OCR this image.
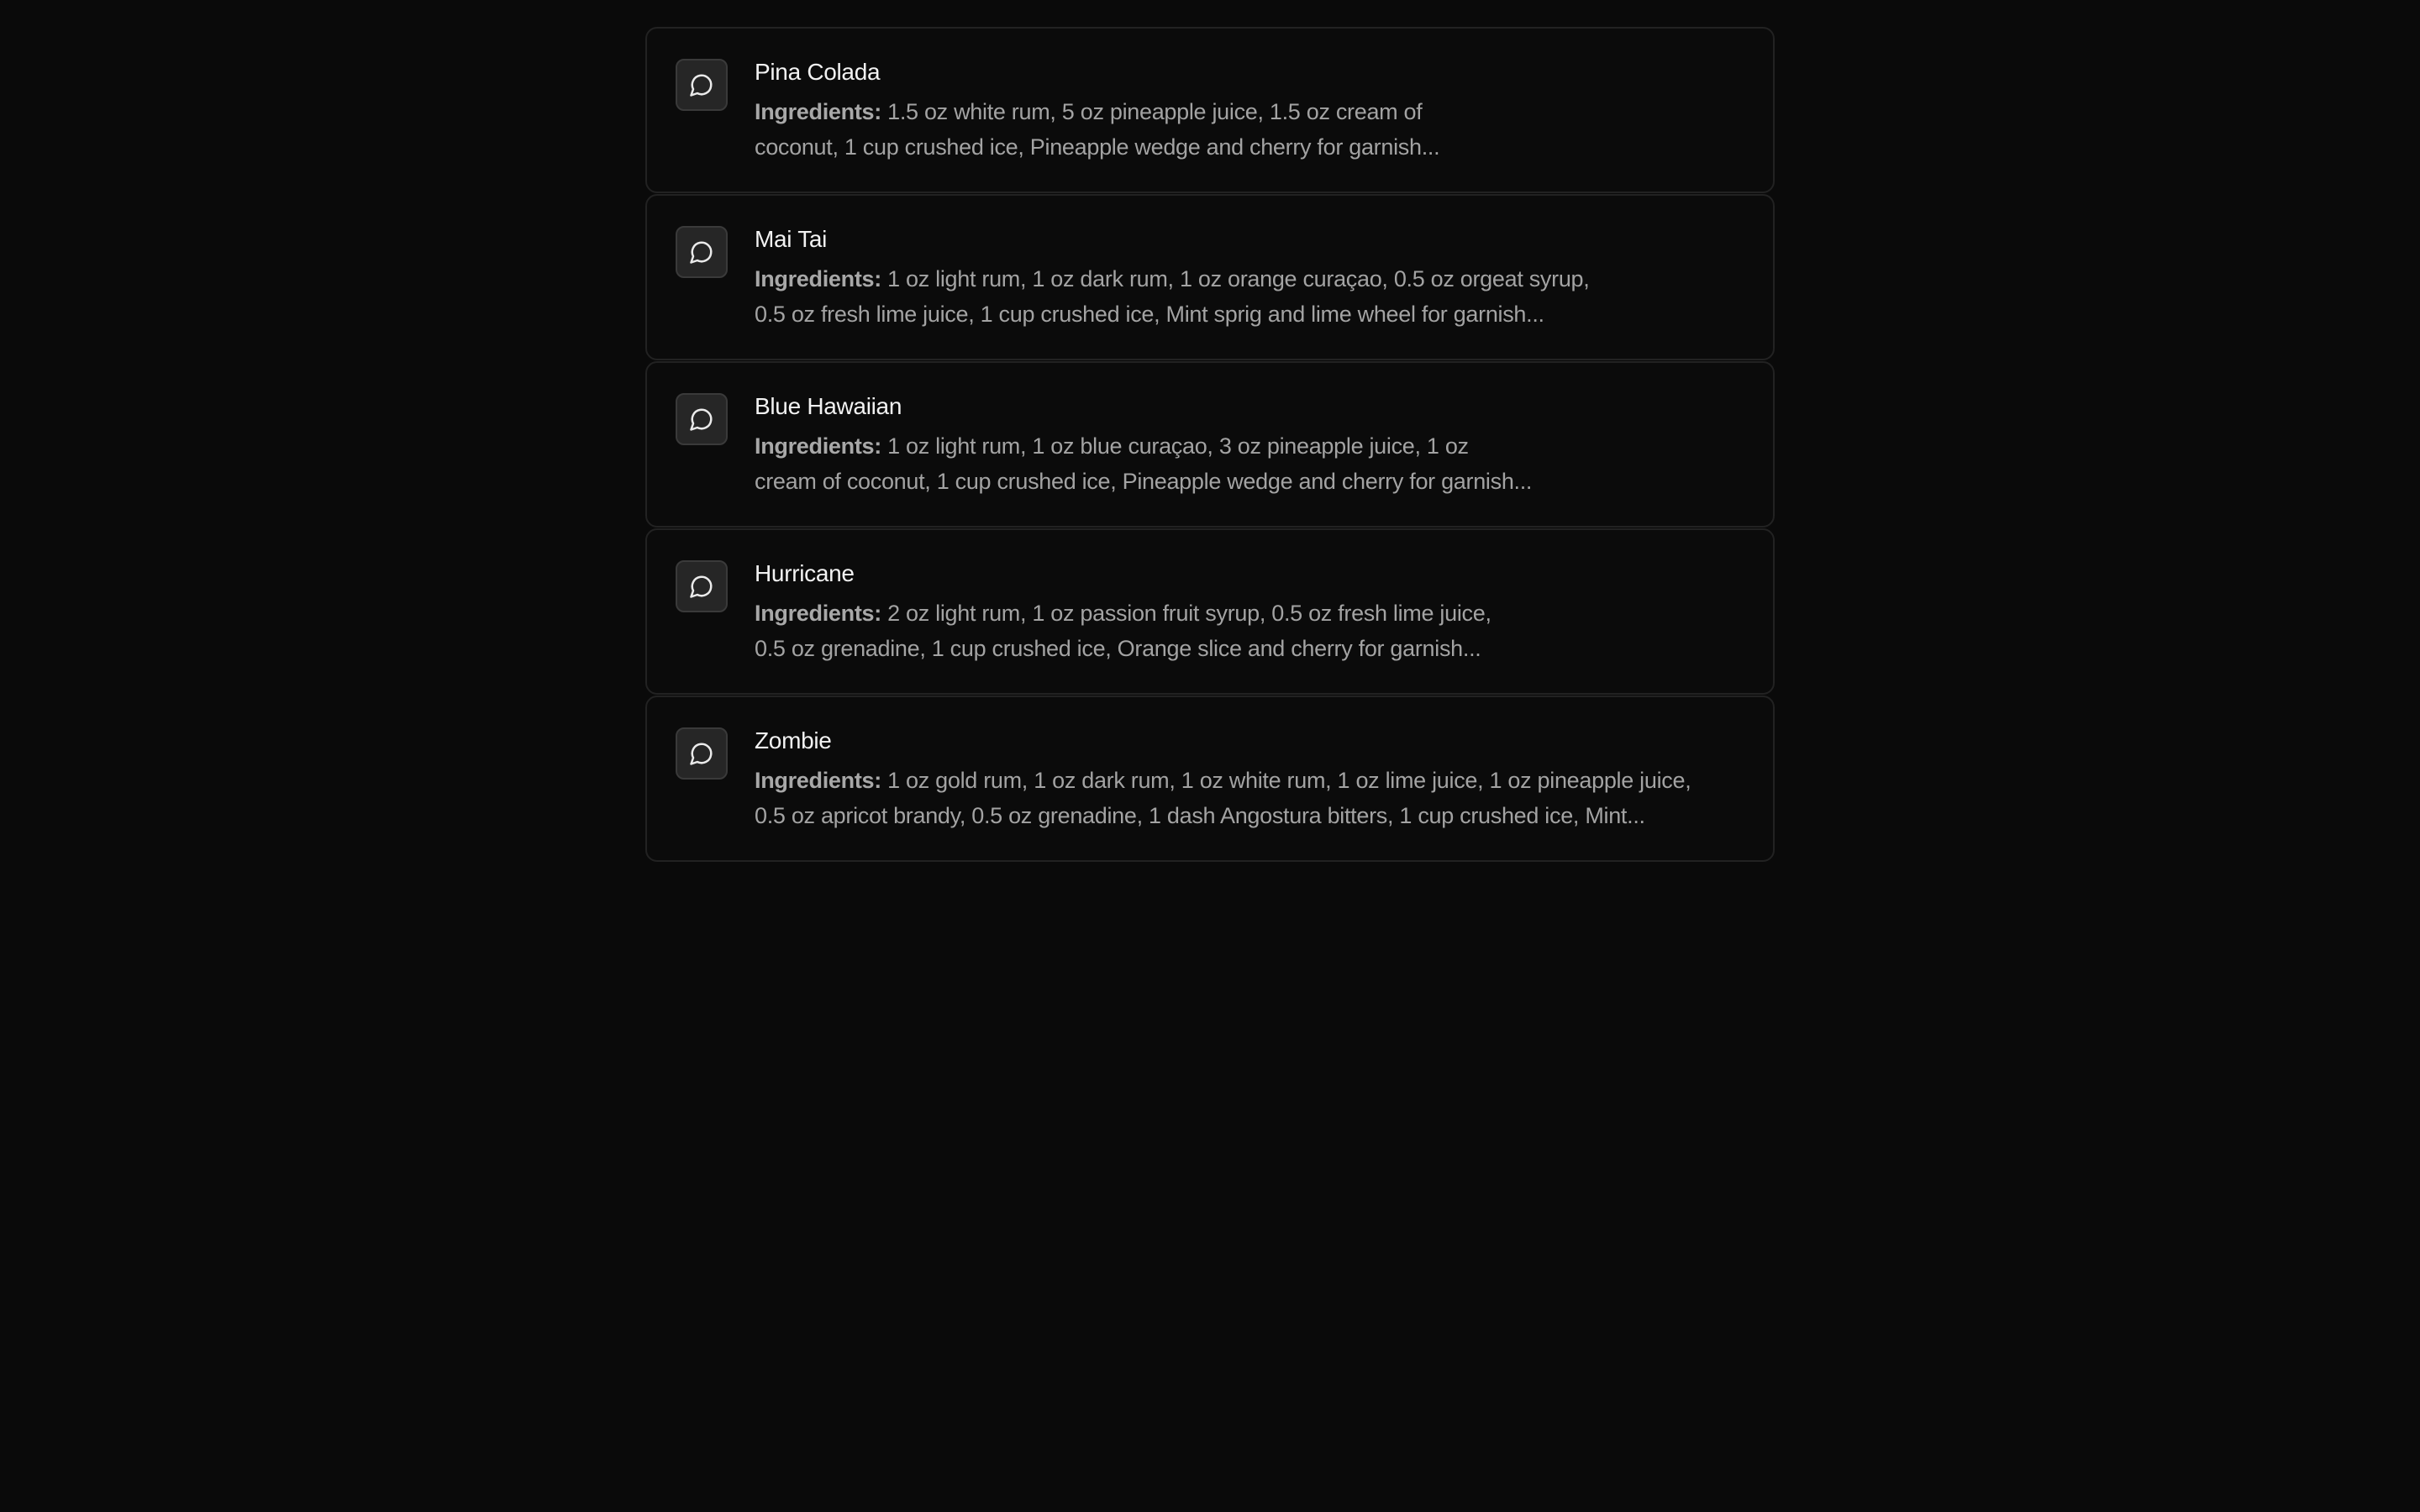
Pina Colada
Ingredients: 1.5 oz white rum, 5 oz pineapple juice, 1.5 oz cream of
coconut, 1 cup crushed ice, Pineapple wedge and cherry for garnish...
Mai Tai
Ingredients: 1 oz light rum, 1 oz dark rum, 1 oz orange curaçao, 0.5 oz orgeat syrup,
0.5 oz fresh lime juice, 1 cup crushed ice, Mint sprig and lime wheel for garnish...
Blue Hawaiian
Ingredients: 1 oz light rum, 1 oz blue curaçao, 3 oz pineapple juice, 1 oz
cream of coconut, 1 cup crushed ice, Pineapple wedge and cherry for garnish...
Hurricane
Ingredients: 2 oz light rum, 1 oz passion fruit syrup, 0.5 oz fresh lime juice,
0.5 oz grenadine, 1 cup crushed ice, Orange slice and cherry for garnish...
Zombie
Ingredients: 1 oz gold rum, 1 oz dark rum, 1 oz white rum, 1 oz lime juice, 1 oz pineapple juice,
0.5 oz apricot brandy, 0.5 oz grenadine, 1 dash Angostura bitters, 1 cup crushed ice, Mint...
